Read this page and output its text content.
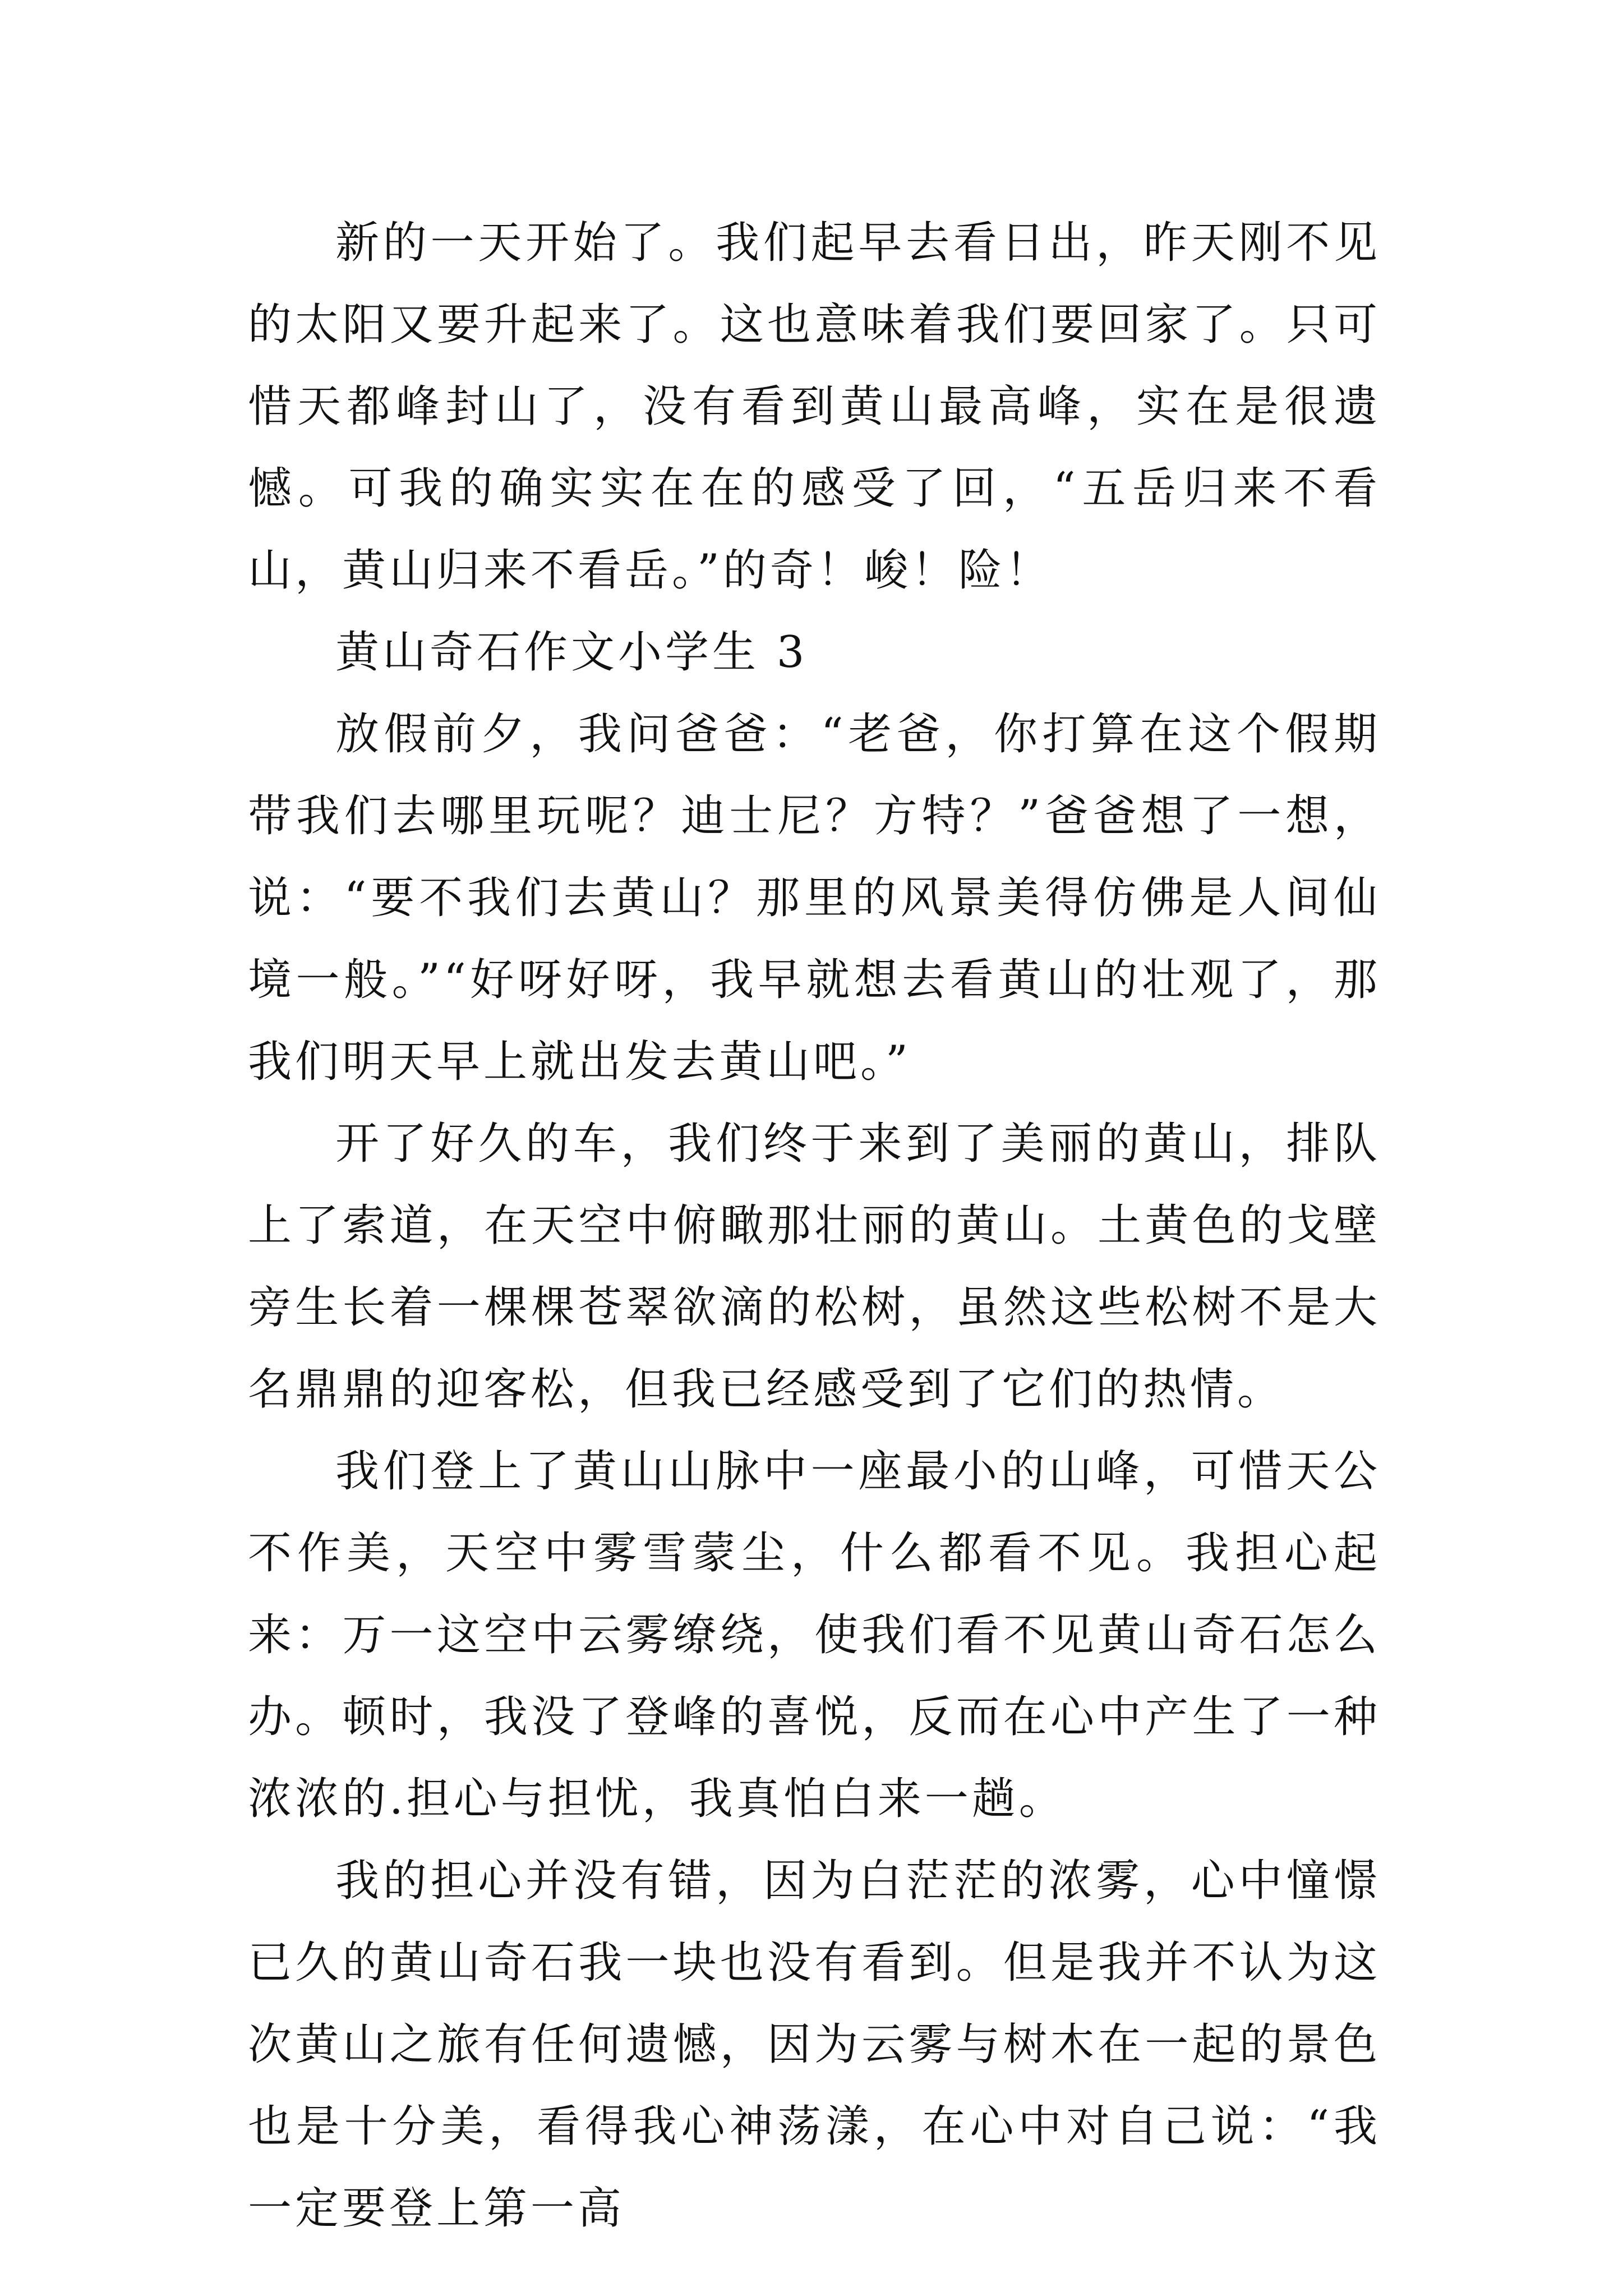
新的一天开始了。我们起早去看日出，昨天刚不见的太阳又要升起来了。这也意味着我们要回家了。只可惜天都峰封山了，没有看到黄山最高峰，实在是很遗憾。可我的确实实在在的感受了回，“五岳归来不看山，黄山归来不看岳。”的奇！峻！险！

黄山奇石作文小学生 3

放假前夕，我问爸爸：“老爸，你打算在这个假期带我们去哪里玩呢？迪士尼？方特？”爸爸想了一想，说：“要不我们去黄山？那里的风景美得仿佛是人间仙境一般。”“好呀好呀，我早就想去看黄山的壮观了，那我们明天早上就出发去黄山吧。”

开了好久的车，我们终于来到了美丽的黄山，排队上了索道，在天空中俯瞰那壮丽的黄山。土黄色的戈壁旁生长着一棵棵苍翠欲滴的松树，虽然这些松树不是大名鼎鼎的迎客松，但我已经感受到了它们的热情。

我们登上了黄山山脉中一座最小的山峰，可惜天公不作美，天空中雾雪蒙尘，什么都看不见。我担心起来：万一这空中云雾缭绕，使我们看不见黄山奇石怎么办。顿时，我没了登峰的喜悦，反而在心中产生了一种浓浓的.担心与担忧，我真怕白来一趟。

我的担心并没有错，因为白茫茫的浓雾，心中憧憬已久的黄山奇石我一块也没有看到。但是我并不认为这次黄山之旅有任何遗憾，因为云雾与树木在一起的景色也是十分美，看得我心神荡漾，在心中对自己说：“我一定要登上第一高
